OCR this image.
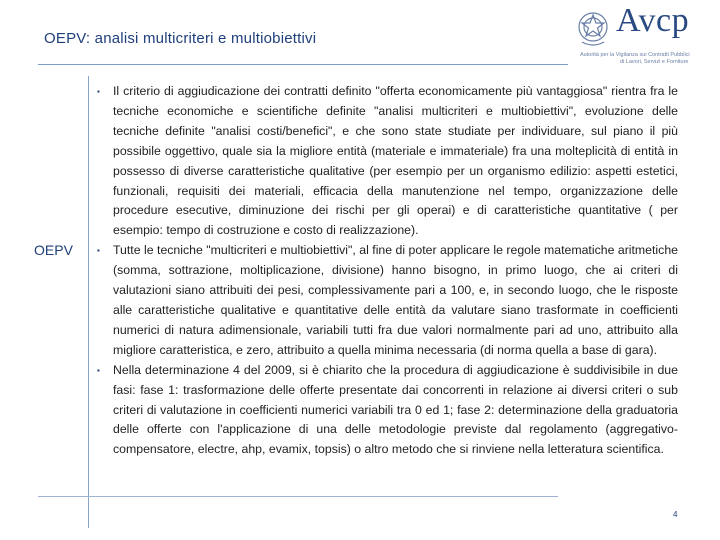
OEPV: analisi multicriteri e multiobiettivi	Avcp
Autorità per la Vigilanza sui Contratti Pubblici
di Lavori, Servizi e Forniture
OEPV
▪ Il criterio di aggiudicazione dei contratti definito "offerta economicamente più vantaggiosa" rientra fra le tecniche economiche e scientifiche definite "analisi multicriteri e multiobiettivi", evoluzione delle tecniche definite "analisi costi/benefici", e che sono state studiate per individuare, sul piano il più possibile oggettivo, quale sia la migliore entità (materiale e immateriale) fra una molteplicità di entità in possesso di diverse caratteristiche qualitative (per esempio per un organismo edilizio: aspetti estetici, funzionali, requisiti dei materiali, efficacia della manutenzione nel tempo, organizzazione delle procedure esecutive, diminuzione dei rischi per gli operai) e di caratteristiche quantitative ( per esempio: tempo di costruzione e costo di realizzazione).
▪ Tutte le tecniche "multicriteri e multiobiettivi", al fine di poter applicare le regole matematiche aritmetiche (somma, sottrazione, moltiplicazione, divisione) hanno bisogno, in primo luogo, che ai criteri di valutazioni siano attribuiti dei pesi, complessivamente pari a 100, e, in secondo luogo, che le risposte alle caratteristiche qualitative e quantitative delle entità da valutare siano trasformate in coefficienti numerici di natura adimensionale, variabili tutti fra due valori normalmente pari ad uno, attribuito alla migliore caratteristica, e zero, attribuito a quella minima necessaria (di norma quella a base di gara).
▪ Nella determinazione 4 del 2009, si è chiarito che la procedura di aggiudicazione è suddivisibile in due fasi: fase 1: trasformazione delle offerte presentate dai concorrenti in relazione ai diversi criteri o sub criteri di valutazione in coefficienti numerici variabili tra 0 ed 1; fase 2: determinazione della graduatoria delle offerte con l'applicazione di una delle metodologie previste dal regolamento (aggregativo-compensatore, electre, ahp, evamix, topsis) o altro metodo che si rinviene nella letteratura scientifica.
4
